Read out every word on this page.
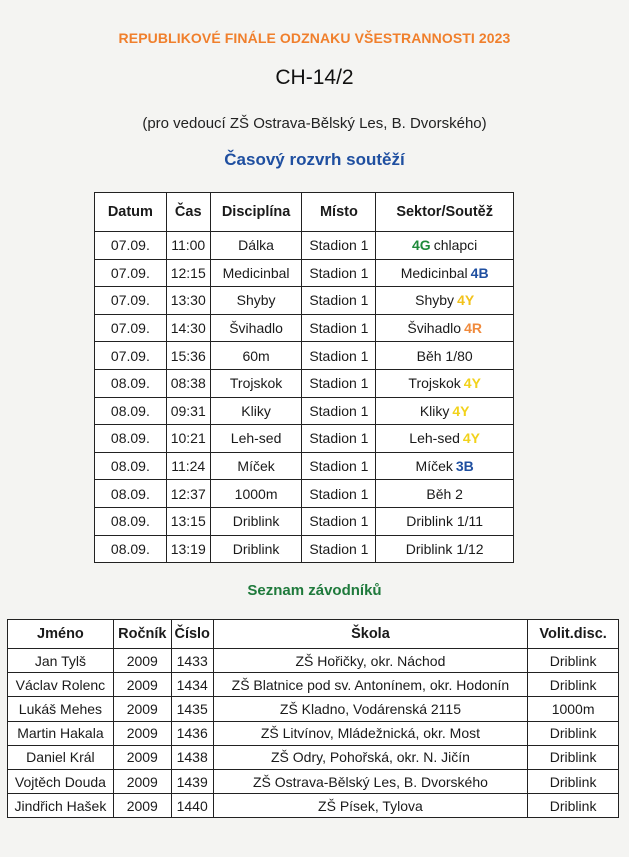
REPUBLIKOVÉ FINÁLE ODZNAKU VŠESTRANNOSTI 2023
CH-14/2
(pro vedoucí ZŠ Ostrava-Bělský Les, B. Dvorského)
Časový rozvrh soutěží
Datum	Čas	Disciplína	Místo	Sektor/Soutěž
07.09.	11:00	Dálka	Stadion 1	4G chlapci
07.09.	12:15	Medicinbal	Stadion 1	Medicinbal 4B
07.09.	13:30	Shyby	Stadion 1	Shyby 4Y
07.09.	14:30	Švihadlo	Stadion 1	Švihadlo 4R
07.09.	15:36	60m	Stadion 1	Běh 1/80
08.09.	08:38	Trojskok	Stadion 1	Trojskok 4Y
08.09.	09:31	Kliky	Stadion 1	Kliky 4Y
08.09.	10:21	Leh-sed	Stadion 1	Leh-sed 4Y
08.09.	11:24	Míček	Stadion 1	Míček 3B
08.09.	12:37	1000m	Stadion 1	Běh 2
08.09.	13:15	Driblink	Stadion 1	Driblink 1/11
08.09.	13:19	Driblink	Stadion 1	Driblink 1/12
Seznam závodníků
Jméno	Ročník	Číslo	Škola	Volit.disc.
Jan Tylš	2009	1433	ZŠ Hořičky, okr. Náchod	Driblink
Václav Rolenc	2009	1434	ZŠ Blatnice pod sv. Antonínem, okr. Hodonín	Driblink
Lukáš Mehes	2009	1435	ZŠ Kladno, Vodárenská 2115	1000m
Martin Hakala	2009	1436	ZŠ Litvínov, Mládežnická, okr. Most	Driblink
Daniel Král	2009	1438	ZŠ Odry, Pohořská, okr. N. Jičín	Driblink
Vojtěch Douda	2009	1439	ZŠ Ostrava-Bělský Les, B. Dvorského	Driblink
Jindřich Hašek	2009	1440	ZŠ Písek, Tylova	Driblink
